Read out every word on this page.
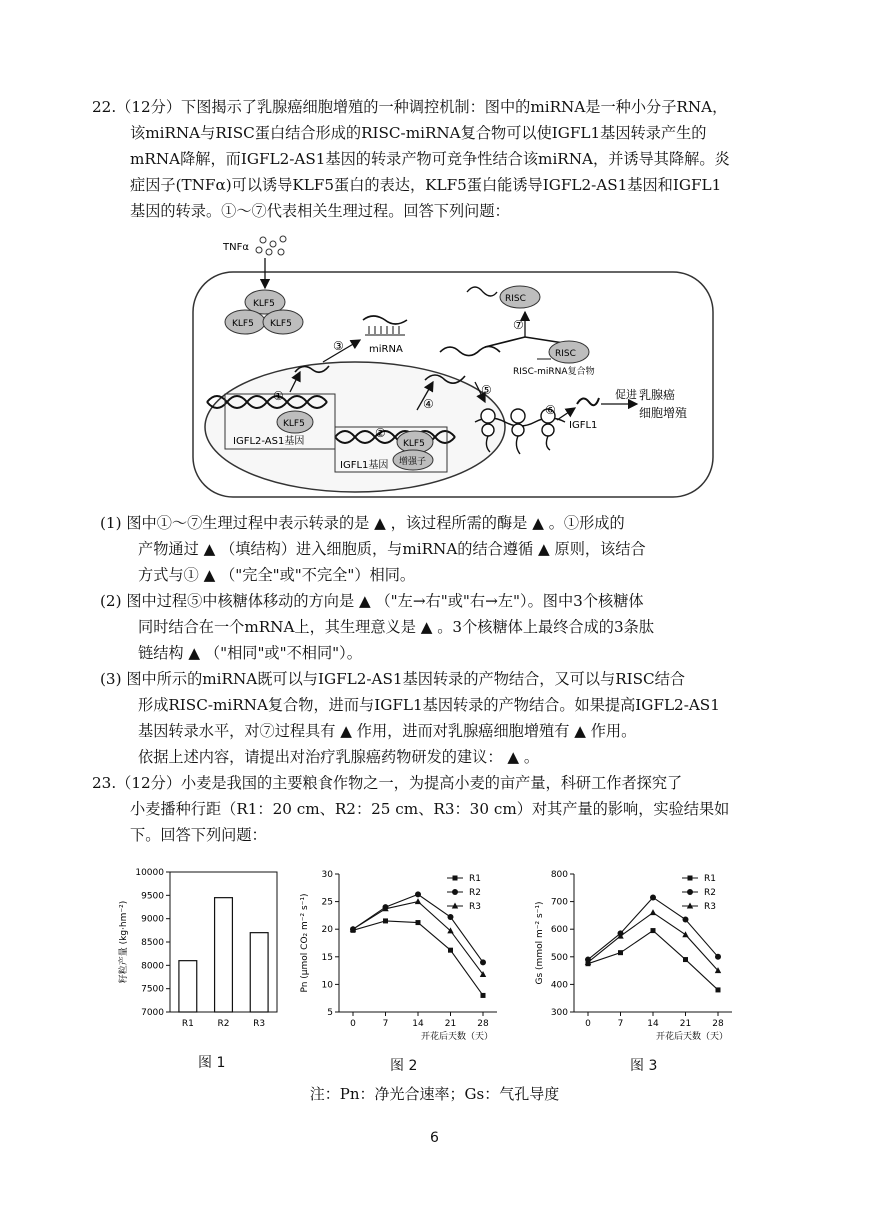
22.（12分）下图揭示了乳腺癌细胞增殖的一种调控机制：图中的miRNA是一种小分子RNA，

该miRNA与RISC蛋白结合形成的RISC-miRNA复合物可以使IGFL1基因转录产生的

mRNA降解，而IGFL2-AS1基因的转录产物可竞争性结合该miRNA，并诱导其降解。炎

症因子(TNFα)可以诱导KLF5蛋白的表达，KLF5蛋白能诱导IGFL2-AS1基因和IGFL1

基因的转录。①～⑦代表相关生理过程。回答下列问题：

TNFα
KLF5
KLF5 KLF5
IGFL2-AS1基因
KLF5
①
IGFL1基因
KLF5
增强子
②
④
miRNA
③
RISC
⑦
RISC
RISC-miRNA复合物
⑤
⑥
IGFL1
促进 乳腺癌
细胞增殖

(1) 图中①～⑦生理过程中表示转录的是 ▲ ，该过程所需的酶是 ▲ 。①形成的

产物通过 ▲ （填结构）进入细胞质，与miRNA的结合遵循 ▲ 原则，该结合

方式与① ▲ （"完全"或"不完全"）相同。

(2) 图中过程⑤中核糖体移动的方向是 ▲ （"左→右"或"右→左"）。图中3个核糖体

同时结合在一个mRNA上，其生理意义是 ▲ 。3个核糖体上最终合成的3条肽

链结构 ▲ （"相同"或"不相同"）。

(3) 图中所示的miRNA既可以与IGFL2-AS1基因转录的产物结合，又可以与RISC结合

形成RISC-miRNA复合物，进而与IGFL1基因转录的产物结合。如果提高IGFL2-AS1

基因转录水平，对⑦过程具有 ▲ 作用，进而对乳腺癌细胞增殖有 ▲ 作用。

依据上述内容，请提出对治疗乳腺癌药物研发的建议： ▲ 。

23.（12分）小麦是我国的主要粮食作物之一，为提高小麦的亩产量，科研工作者探究了

小麦播种行距（R1：20 cm、R2：25 cm、R3：30 cm）对其产量的影响，实验结果如

下。回答下列问题：

7000
7500
8000
8500
9000
9500
10000
R1	R2	R3
籽粒产量 (kg·hm⁻²)
5
10
15
20
25
30
0	7	14 21 28
开花后天数（天）
Pn (μmol CO₂ m⁻² s⁻¹)
R1
R2
R3
300
400
500
600
700
800
0	7	14 21 28
开花后天数（天）
Gs (mmol m⁻² s⁻¹)
R1
R2
R3
图 1	图 2	图 3
注：Pn：净光合速率；Gs：气孔导度
6
